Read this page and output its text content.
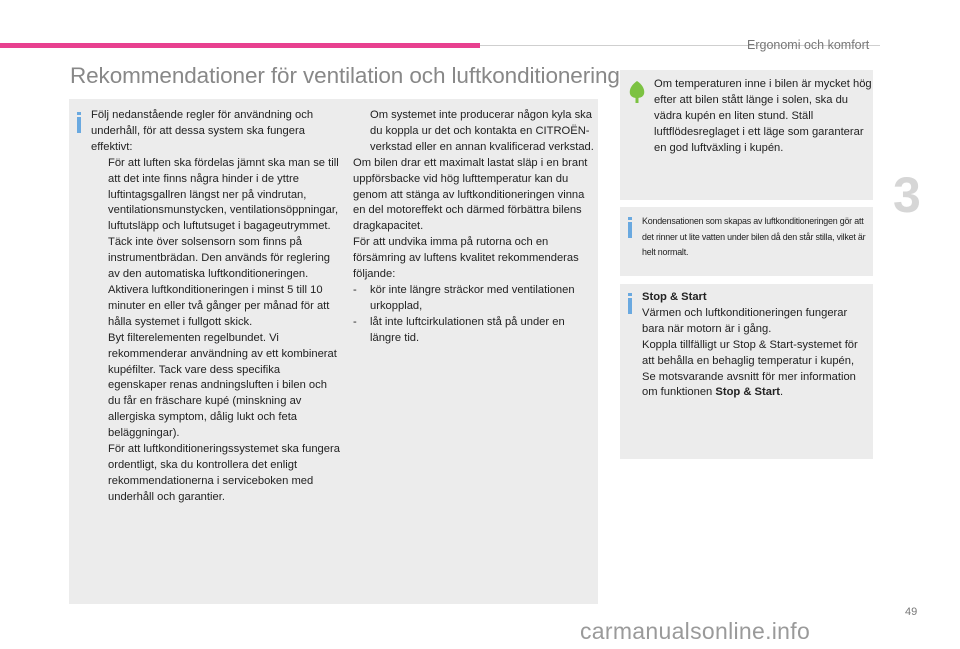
Ergonomi och komfort
3
Rekommendationer för ventilation och luftkonditionering

Följ nedanstående regler för användning och underhåll, för att dessa system ska fungera effektivt:

För att luften ska fördelas jämnt ska man se till att det inte finns några hinder i de yttre luftintagsgallren längst ner på vindrutan, ventilationsmunstycken, ventilationsöppningar, luftutsläpp och luftutsuget i bagageutrymmet.
Täck inte över solsensorn som finns på instrumentbrädan. Den används för reglering av den automatiska luftkonditioneringen.
Aktivera luftkonditioneringen i minst 5 till 10 minuter en eller två gånger per månad för att hålla systemet i fullgott skick.
Byt filterelementen regelbundet. Vi rekommenderar användning av ett kombinerat kupéfilter. Tack vare dess specifika egenskaper renas andningsluften i bilen och du får en fräschare kupé (minskning av allergiska symptom, dålig lukt och feta beläggningar).
För att luftkonditioneringssystemet ska fungera ordentligt, ska du kontrollera det enligt rekommendationerna i serviceboken med underhåll och garantier.
Om systemet inte producerar någon kyla ska du koppla ur det och kontakta en CITROËN-verkstad eller en annan kvalificerad verkstad.

Om bilen drar ett maximalt lastat släp i en brant uppförsbacke vid hög lufttemperatur kan du genom att stänga av luftkonditioneringen vinna en del motoreffekt och därmed förbättra bilens dragkapacitet.

För att undvika imma på rutorna och en försämring av luftens kvalitet rekommenderas följande:

- kör inte längre sträckor med ventilationen urkopplad,
- låt inte luftcirkulationen stå på under en längre tid.
Om temperaturen inne i bilen är mycket hög efter att bilen stått länge i solen, ska du vädra kupén en liten stund. Ställ luftflödesreglaget i ett läge som garanterar en god luftväxling i kupén.
Kondensationen som skapas av luftkonditioneringen gör att det rinner ut lite vatten under bilen då den står stilla, vilket är helt normalt.

Stop & Start

Värmen och luftkonditioneringen fungerar bara när motorn är i gång.

Koppla tillfälligt ur Stop & Start-systemet för att behålla en behaglig temperatur i kupén,

Se motsvarande avsnitt för mer information om funktionen Stop & Start.

49
carmanualsonline.info
